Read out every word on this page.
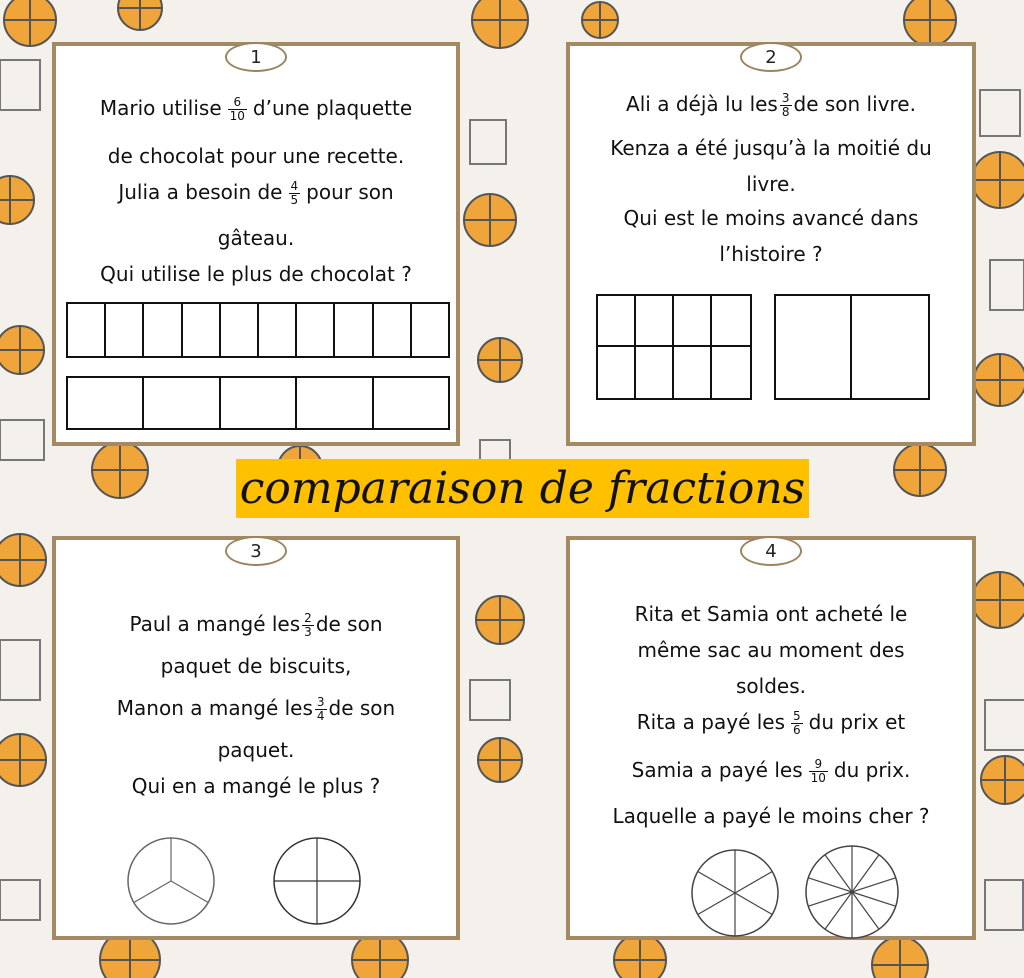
1
Mario utilise $\frac{6}{10}$ d’une plaquette
de chocolat pour une recette.
Julia a besoin de $\frac{4}{5}$ pour son
gâteau.
Qui utilise le plus de chocolat ?
2
Ali a déjà lu les $\frac{3}{8}$ de son livre.
Kenza a été jusqu’à la moitié du
livre.
Qui est le moins avancé dans
l’histoire ?
comparaison de fractions
3
Paul a mangé les $\frac{2}{3}$ de son
paquet de biscuits,
Manon a mangé les $\frac{3}{4}$ de son
paquet.
Qui en a mangé le plus ?
4
Rita et Samia ont acheté le
même sac au moment des
soldes.
Rita a payé les $\frac{5}{6}$ du prix et
Samia a payé les $\frac{9}{10}$ du prix.
Laquelle a payé le moins cher ?
